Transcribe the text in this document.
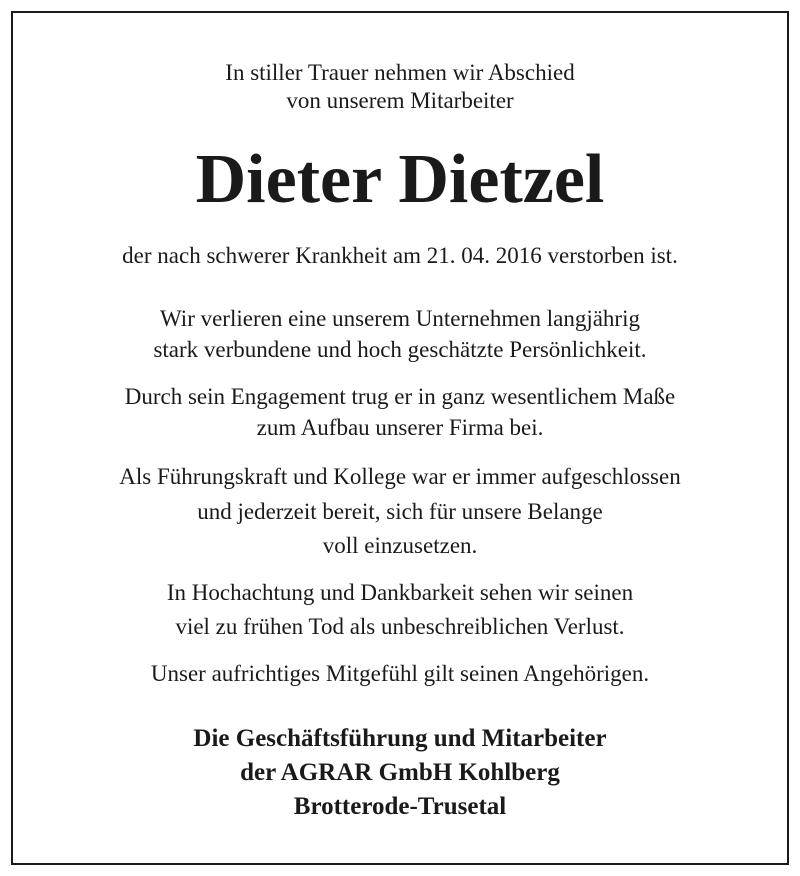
In stiller Trauer nehmen wir Abschied
von unserem Mitarbeiter
Dieter Dietzel
der nach schwerer Krankheit am 21. 04. 2016 verstorben ist.
Wir verlieren eine unserem Unternehmen langjährig
stark verbundene und hoch geschätzte Persönlichkeit.
Durch sein Engagement trug er in ganz wesentlichem Maße
zum Aufbau unserer Firma bei.
Als Führungskraft und Kollege war er immer aufgeschlossen
und jederzeit bereit, sich für unsere Belange
voll einzusetzen.
In Hochachtung und Dankbarkeit sehen wir seinen
viel zu frühen Tod als unbeschreiblichen Verlust.
Unser aufrichtiges Mitgefühl gilt seinen Angehörigen.
Die Geschäftsführung und Mitarbeiter
der AGRAR GmbH Kohlberg
Brotterode-Trusetal
